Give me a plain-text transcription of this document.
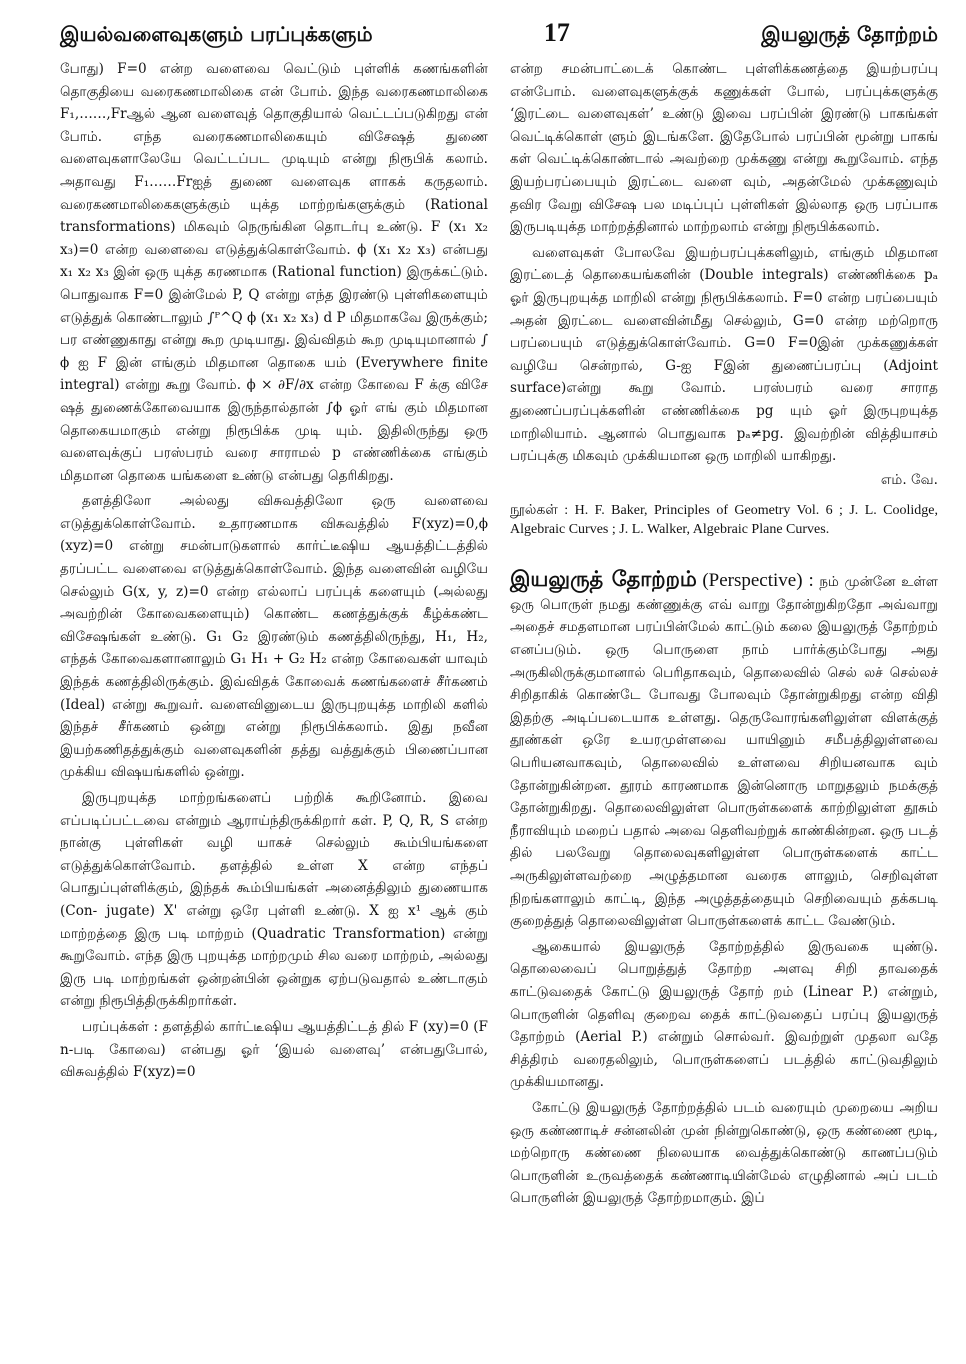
இயல்வளைவுகளும் பரப்புக்களும்	17	இயலுருத் தோற்றம்

போது) F=0 என்ற வளைவை வெட்டும் புள்ளிக் கணங்களின் தொகுதியை வரைகணமாலிகை என் போம். இந்த வரைகணமாலிகை F₁,……,Frஆல் ஆன வளைவுத் தொகுதியால் வெட்டப்படுகிறது என் போம். எந்த வரைகணமாலிகையும் விசேஷத் துணை வளைவுகளாலேயே வெட்டப்பட முடியும் என்று நிரூபிக் கலாம். அதாவது F₁……Frஐத் துணை வளைவுக ளாகக் கருதலாம். வரைகணமாலிகைகளுக்கும் யுக்த மாற்றங்களுக்கும் (Rational transformations) மிகவும் நெருங்கின தொடர்பு உண்டு. F (x₁ x₂ x₃)=0 என்ற வளைவை எடுத்துக்கொள்வோம். ϕ (x₁ x₂ x₃) என்பது x₁ x₂ x₃ இன் ஒரு யுக்த கரணமாக (Rational function) இருக்கட்டும். பொதுவாக F=0 இன்மேல் P, Q என்று எந்த இரண்டு புள்ளிகளையும் எடுத்துக் கொண்டாலும் ∫ᴾ^Q ϕ (x₁ x₂ x₃) d P மிதமாகவே இருக்கும்; பர எண்ணுகாது என்று கூற முடியாது. இவ்விதம் கூற முடியுமானால் ∫ ϕ ஐ F இன் எங்கும் மிதமான தொகை யம் (Everywhere finite integral) என்று கூறு வோம். ϕ × ∂F/∂x என்ற கோவை F க்கு விசே ஷத் துணைக்கோவையாக இருந்தால்தான் ∫ϕ ஓர் எங் கும் மிதமான தொகையமாகும் என்று நிரூபிக்க முடி யும். இதிலிருந்து ஒரு வளைவுக்குப் பரஸ்பரம் வரை சாராமல் p எண்ணிக்கை எங்கும் மிதமான தொகை யங்களை உண்டு என்பது தெரிகிறது.

தளத்திலோ அல்லது விசுவத்திலோ ஒரு வளைவை எடுத்துக்கொள்வோம். உதாரணமாக விசுவத்தில் F(xyz)=0,ϕ (xyz)=0 என்று சமன்பாடுகளால் கார்ட்டீஷிய ஆயத்திட்டத்தில் தரப்பட்ட வளைவை எடுத்துக்கொள்வோம். இந்த வளைவின் வழியே செல்லும் G(x, y, z)=0 என்ற எல்லாப் பரப்புக் களையும் (அல்லது அவற்றின் கோவைகளையும்) கொண்ட கணத்துக்குக் கீழ்க்கண்ட விசேஷங்கள் உண்டு. G₁ G₂ இரண்டும் கணத்திலிருந்து, H₁, H₂, எந்தக் கோவைகளானாலும் G₁ H₁ + G₂ H₂ என்ற கோவைகள் யாவும் இந்தக் கணத்திலிருக்கும். இவ்விதக் கோவைக் கணங்களைச் சீர்கணம் (Ideal) என்று கூறுவர். வளைவினுடைய இருபுறயுக்த மாறிலி களில் இந்தச் சீர்கணம் ஒன்று என்று நிரூபிக்கலாம். இது நவீன இயற்கணிதத்துக்கும் வளைவுகளின் தத்து வத்துக்கும் பிணைப்பான முக்கிய விஷயங்களில் ஒன்று.

இருபுறயுக்த மாற்றங்களைப் பற்றிக் கூறினோம். இவை எப்படிப்பட்டவை என்றும் ஆராய்ந்திருக்கிறார் கள். P, Q, R, S என்ற நான்கு புள்ளிகள் வழி யாகச் செல்லும் கூம்பியங்களை எடுத்துக்கொள்வோம். தளத்தில் உள்ள X என்ற எந்தப் பொதுப்புள்ளிக்கும், இந்தக் கூம்பியங்கள் அனைத்திலும் துணையாக (Con- jugate) X' என்று ஒரே புள்ளி உண்டு. X ஐ x¹ ஆக் கும் மாற்றத்தை இரு படி மாற்றம் (Quadratic Transformation) என்று கூறுவோம். எந்த இரு புறயுக்த மாற்றமும் சில வரை மாற்றம், அல்லது இரு படி மாற்றங்கள் ஒன்றன்பின் ஒன்றுக ஏற்படுவதால் உண்டாகும் என்று நிரூபித்திருக்கிறார்கள்.

பரப்புக்கள் : தளத்தில் கார்ட்டீஷிய ஆயத்திட்டத் தில் F (xy)=0 (F n-படி கோவை) என்பது ஓர் ‘இயல் வளைவு’ என்பதுபோல், விசுவத்தில் F(xyz)=0

என்ற சமன்பாட்டைக் கொண்ட புள்ளிக்கணத்தை இயற்பரப்பு என்போம். வளைவுகளுக்குக் கணுக்கள் போல், பரப்புக்களுக்கு ‘இரட்டை வளைவுகள்’ உண்டு இவை பரப்பின் இரண்டு பாகங்கள் வெட்டிக்கொள் ளும் இடங்களே. இதேபோல் பரப்பின் மூன்று பாகங் கள் வெட்டிக்கொண்டால் அவற்றை முக்கணு என்று கூறுவோம். எந்த இயற்பரப்பையும் இரட்டை வளை வும், அதன்மேல் முக்கணுவும் தவிர வேறு விசேஷ பல மடிப்புப் புள்ளிகள் இல்லாத ஒரு பரப்பாக இருபடியுக்த மாற்றத்தினால் மாற்றலாம் என்று நிரூபிக்கலாம்.

வளைவுகள் போலவே இயற்பரப்புக்களிலும், எங்கும் மிதமான இரட்டைத் தொகையங்களின் (Double integrals) எண்ணிக்கை pₐ ஓர் இருபுறயுக்த மாறிலி என்று நிரூபிக்கலாம். F=0 என்ற பரப்பையும் அதன் இரட்டை வளைவின்மீது செல்லும், G=0 என்ற மற்றொரு பரப்பையும் எடுத்துக்கொள்வோம். G=0 F=0இன் முக்கணுக்கள் வழியே சென்றால், G-ஐ Fஇன் துணைப்பரப்பு (Adjoint surface)என்று கூறு வோம். பரஸ்பரம் வரை சாராத துணைப்பரப்புக்களின் எண்ணிக்கை pg யும் ஓர் இருபுறயுக்த மாறிலியாம். ஆனால் பொதுவாக pₐ≠pg. இவற்றின் வித்தியாசம் பரப்புக்கு மிகவும் முக்கியமான ஒரு மாறிலி யாகிறது.

எம். வே.

நூல்கள் : H. F. Baker, Principles of Geometry Vol. 6 ; J. L. Coolidge, Algebraic Curves ; J. L. Walker, Algebraic Plane Curves.

இயலுருத் தோற்றம் (Perspective) : நம் முன்னே உள்ள ஒரு பொருள் நமது கண்ணுக்கு எவ் வாறு தோன்றுகிறதோ அவ்வாறு அதைச் சமதளமான பரப்பின்மேல் காட்டும் கலை இயலுருத் தோற்றம் எனப்படும். ஒரு பொருளை நாம் பார்க்கும்போது அது அருகிலிருக்குமானால் பெரிதாகவும், தொலைவில் செல் லச் செல்லச் சிறிதாகிக் கொண்டே போவது போலவும் தோன்றுகிறது என்ற விதி இதற்கு அடிப்படையாக உள்ளது. தெருவோரங்களிலுள்ள விளக்குத் தூண்கள் ஒரே உயரமுள்ளவை யாயினும் சமீபத்திலுள்ளவை பெரியனவாகவும், தொலைவில் உள்ளவை சிறியனவாக வும் தோன்றுகின்றன. தூரம் காரணமாக இன்னொரு மாறுதலும் நமக்குத் தோன்றுகிறது. தொலைவிலுள்ள பொருள்களைக் காற்றிலுள்ள தூசும் நீராவியும் மறைப் பதால் அவை தெளிவற்றுக் காண்கின்றன. ஒரு படத் தில் பலவேறு தொலைவுகளிலுள்ள பொருள்களைக் காட்ட அருகிலுள்ளவற்றை அழுத்தமான வரைக ளாலும், செறிவுள்ள நிறங்களாலும் காட்டி, இந்த அழுத்தத்தையும் செறிவையும் தக்கபடி குறைத்துத் தொலைவிலுள்ள பொருள்களைக் காட்ட வேண்டும்.

ஆகையால் இயலுருத் தோற்றத்தில் இருவகை யுண்டு. தொலைவைப் பொறுத்துத் தோற்ற அளவு சிறி தாவதைக் காட்டுவதைக் கோட்டு இயலுருத் தோற் றம் (Linear P.) என்றும், பொருளின் தெளிவு குறைவ தைக் காட்டுவதைப் பரப்பு இயலுருத் தோற்றம் (Aerial P.) என்றும் சொல்வர். இவற்றுள் முதலா வதே சித்திரம் வரைதலிலும், பொருள்களைப் படத்தில் காட்டுவதிலும் முக்கியமானது.

கோட்டு இயலுருத் தோற்றத்தில் படம் வரையும் முறையை அறிய ஒரு கண்ணாடிச் சன்னலின் முன் நின்றுகொண்டு, ஒரு கண்ணை மூடி, மற்றொரு கண்ணை நிலையாக வைத்துக்கொண்டு காணப்படும் பொருளின் உருவத்தைக் கண்ணாடியின்மேல் எழுதினால் அப் படம் பொருளின் இயலுருத் தோற்றமாகும். இப்
